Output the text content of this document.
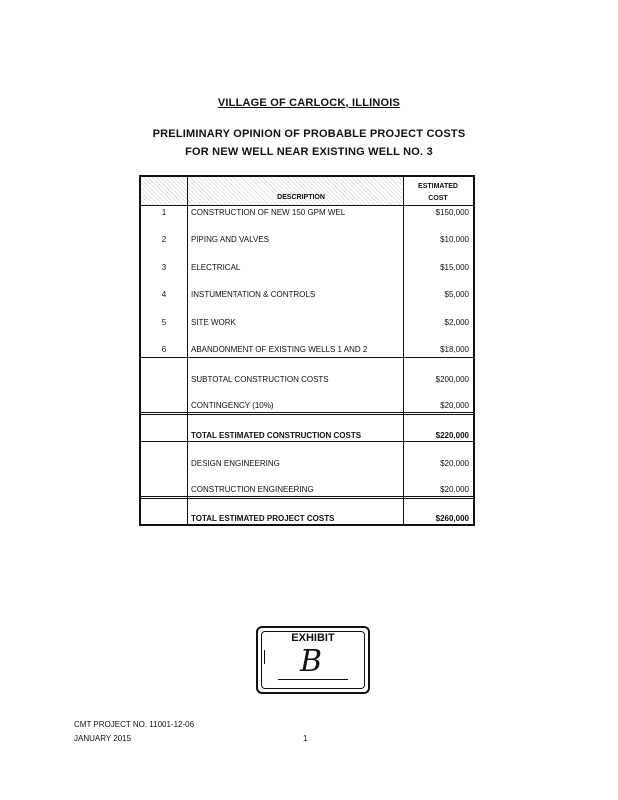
VILLAGE OF CARLOCK, ILLINOIS
PRELIMINARY OPINION OF PROBABLE PROJECT COSTS
FOR NEW WELL NEAR EXISTING WELL NO. 3
DESCRIPTION
ESTIMATED
COST
1	CONSTRUCTION OF NEW 150 GPM WEL	$150,000
2	PIPING AND VALVES	$10,000
3	ELECTRICAL	$15,000
4	INSTUMENTATION & CONTROLS	$5,000
5	SITE WORK	$2,000
6	ABANDONMENT OF EXISTING WELLS 1 AND 2	$18,000
SUBTOTAL CONSTRUCTION COSTS	$200,000
CONTINGENCY (10%)	$20,000
TOTAL ESTIMATED CONSTRUCTION COSTS	$220,000
DESIGN ENGINEERING	$20,000
CONSTRUCTION ENGINEERING	$20,000
TOTAL ESTIMATED PROJECT COSTS	$260,000
EXHIBIT
B
CMT PROJECT NO. 11001-12-06
JANUARY 2015	1
